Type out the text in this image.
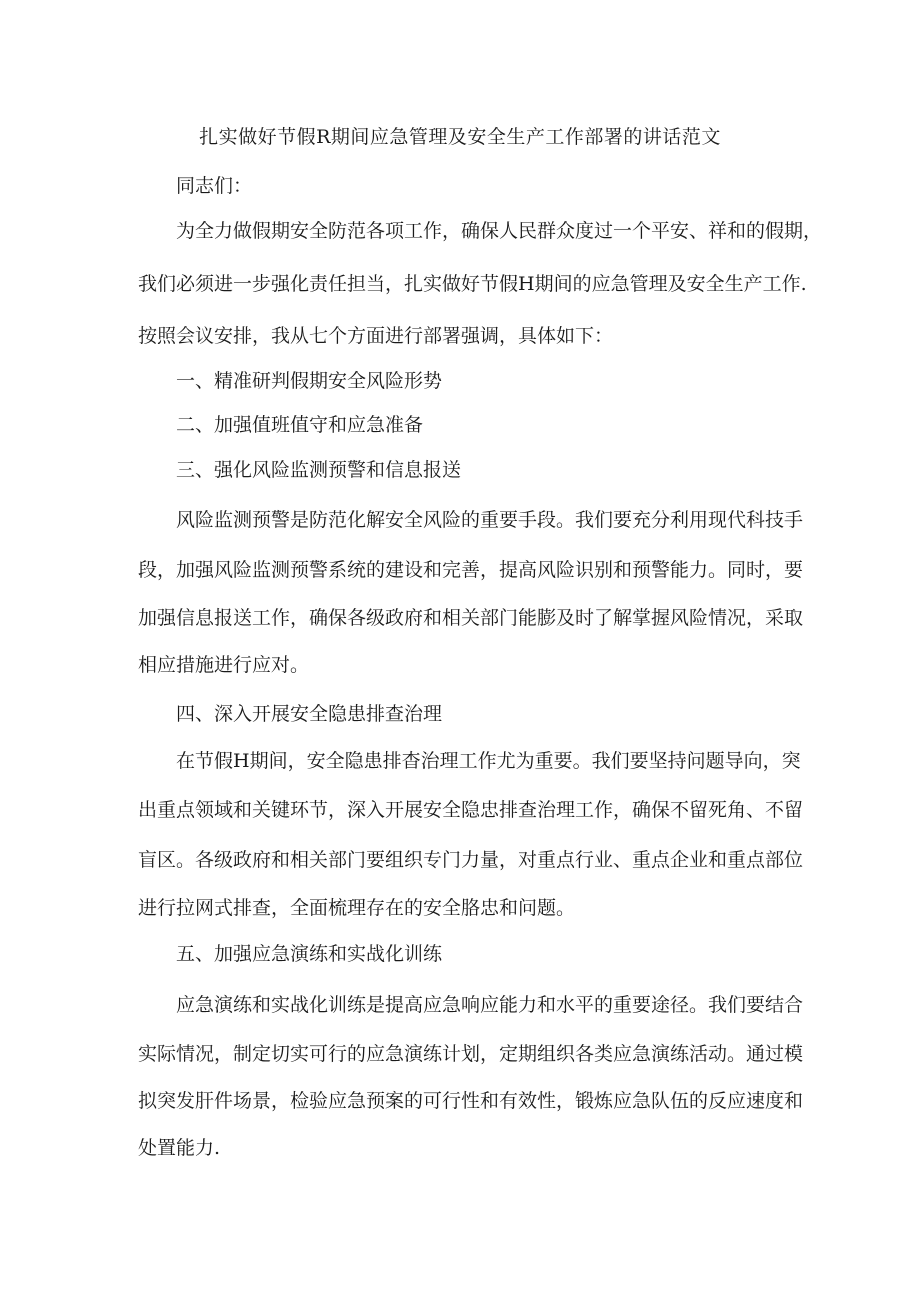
扎实做好节假R期间应急管理及安全生产工作部署的讲话范文
同志们：
为全力做假期安全防范各项工作，确保人民群众度过一个平安、祥和的假期，
我们必须进一步强化责任担当，扎实做好节假H期间的应急管理及安全生产工作.
按照会议安排，我从七个方面进行部署强调，具体如下：
一、精准研判假期安全风险形势
二、加强值班值守和应急准备
三、强化风险监测预警和信息报送
风险监测预警是防范化解安全风险的重要手段。我们要充分利用现代科技手
段，加强风险监测预警系统的建设和完善，提高风险识别和预警能力。同时，要
加强信息报送工作，确保各级政府和相关部门能膨及时了解掌握风险情况，采取
相应措施进行应对。
四、深入开展安全隐患排查治理
在节假H期间，安全隐患排杳治理工作尤为重要。我们要坚持问题导向，突
出重点领域和关键环节，深入开展安全隐忠排查治理工作，确保不留死角、不留
盲区。各级政府和相关部门要组织专门力量，对重点行业、重点企业和重点部位
进行拉网式排查，全面梳理存在的安全胳忠和问题。
五、加强应急演练和实战化训练
应急演练和实战化训练是提高应急响应能力和水平的重要途径。我们要结合
实际情况，制定切实可行的应急演练计划，定期组织各类应急演练活动。通过模
拟突发肝件场景，检验应急预案的可行性和有效性，锻炼应急队伍的反应速度和
处置能力.
